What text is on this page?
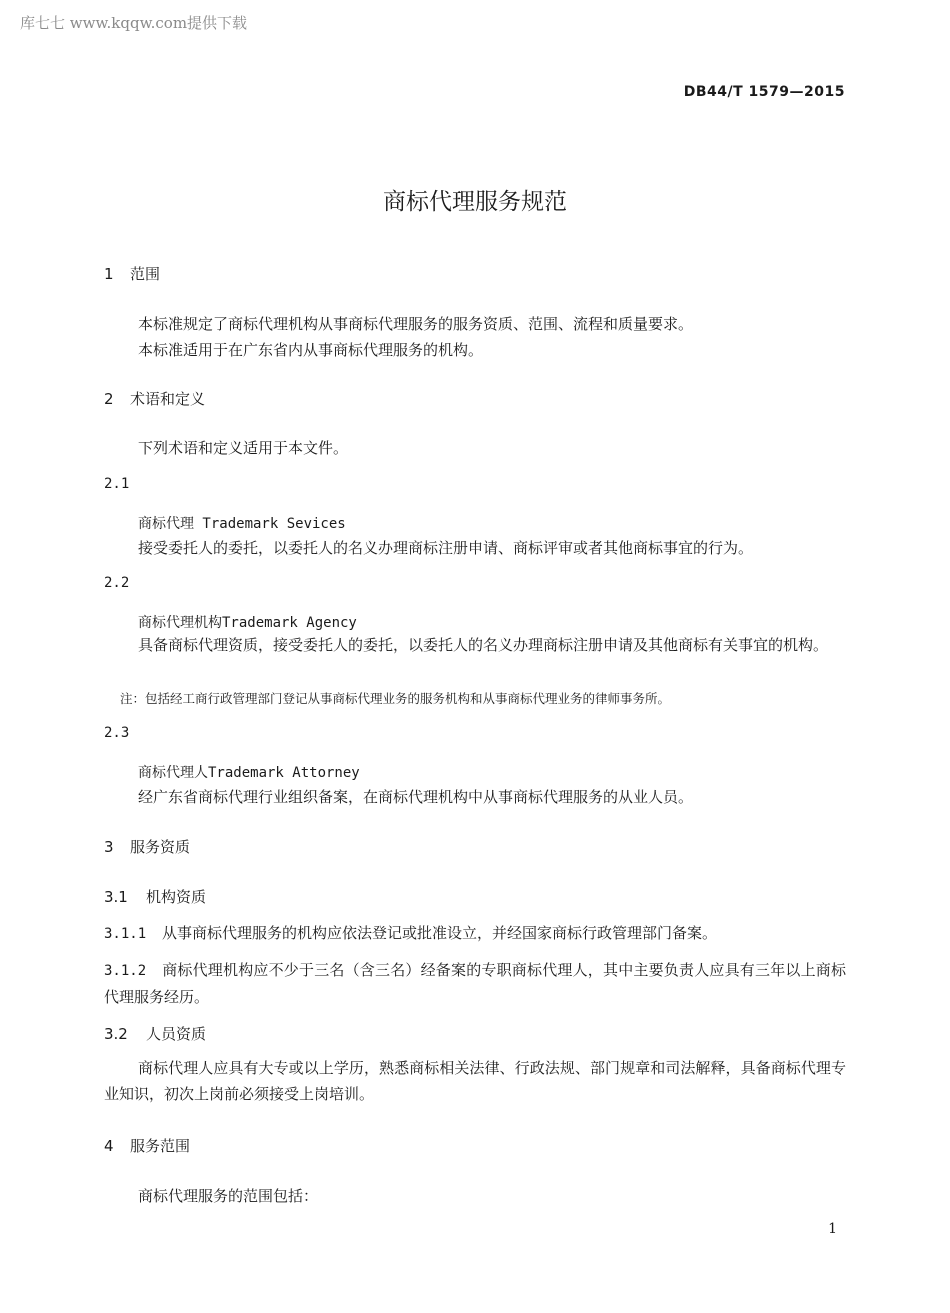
库七七 www.kqqw.com提供下载
DB44/T 1579—2015
商标代理服务规范
1 范围
本标准规定了商标代理机构从事商标代理服务的服务资质、范围、流程和质量要求。
本标准适用于在广东省内从事商标代理服务的机构。
2 术语和定义
下列术语和定义适用于本文件。
2.1
商标代理 Trademark Sevices
接受委托人的委托，以委托人的名义办理商标注册申请、商标评审或者其他商标事宜的行为。
2.2
商标代理机构Trademark Agency
具备商标代理资质，接受委托人的委托，以委托人的名义办理商标注册申请及其他商标有关事宜的机构。
注：包括经工商行政管理部门登记从事商标代理业务的服务机构和从事商标代理业务的律师事务所。
2.3
商标代理人Trademark Attorney
经广东省商标代理行业组织备案，在商标代理机构中从事商标代理服务的从业人员。
3 服务资质
3.1 机构资质
3.1.1 从事商标代理服务的机构应依法登记或批准设立，并经国家商标行政管理部门备案。
3.1.2 商标代理机构应不少于三名（含三名）经备案的专职商标代理人，其中主要负责人应具有三年以上商标代理服务经历。
3.2 人员资质
商标代理人应具有大专或以上学历，熟悉商标相关法律、行政法规、部门规章和司法解释，具备商标代理专业知识，初次上岗前必须接受上岗培训。
4 服务范围
商标代理服务的范围包括：
1
